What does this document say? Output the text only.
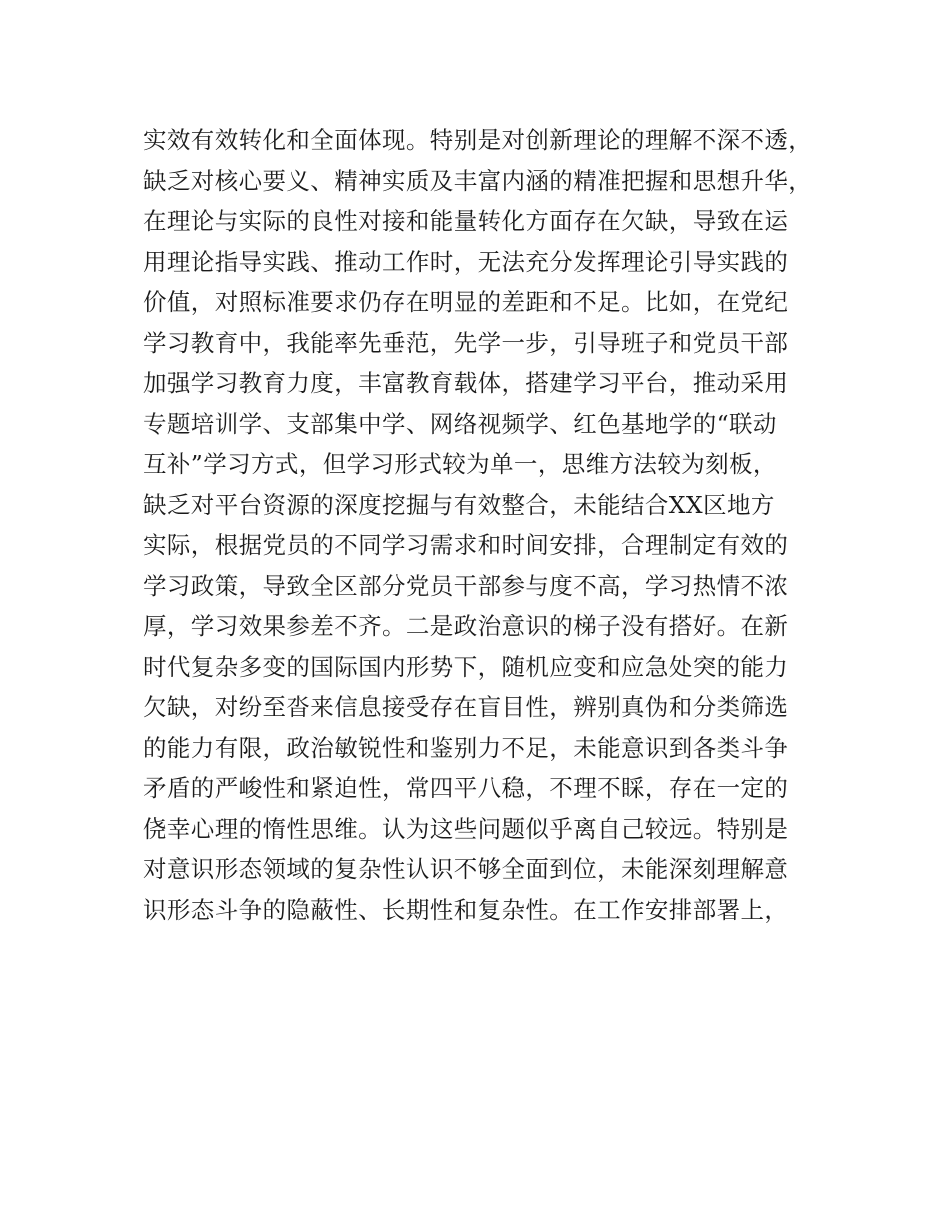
实效有效转化和全面体现。特别是对创新理论的理解不深不透，
缺乏对核心要义、精神实质及丰富内涵的精准把握和思想升华，
在理论与实际的良性对接和能量转化方面存在欠缺，导致在运
用理论指导实践、推动工作时，无法充分发挥理论引导实践的
价值，对照标准要求仍存在明显的差距和不足。比如，在党纪
学习教育中，我能率先垂范，先学一步，引导班子和党员干部
加强学习教育力度，丰富教育载体，搭建学习平台，推动采用
专题培训学、支部集中学、网络视频学、红色基地学的“联动
互补”学习方式，但学习形式较为单一，思维方法较为刻板，
缺乏对平台资源的深度挖掘与有效整合，未能结合XX区地方
实际，根据党员的不同学习需求和时间安排，合理制定有效的
学习政策，导致全区部分党员干部参与度不高，学习热情不浓
厚，学习效果参差不齐。二是政治意识的梯子没有搭好。在新
时代复杂多变的国际国内形势下，随机应变和应急处突的能力
欠缺，对纷至沓来信息接受存在盲目性，辨别真伪和分类筛选
的能力有限，政治敏锐性和鉴别力不足，未能意识到各类斗争
矛盾的严峻性和紧迫性，常四平八稳，不理不睬，存在一定的
侥幸心理的惰性思维。认为这些问题似乎离自己较远。特别是
对意识形态领域的复杂性认识不够全面到位，未能深刻理解意
识形态斗争的隐蔽性、长期性和复杂性。在工作安排部署上，
